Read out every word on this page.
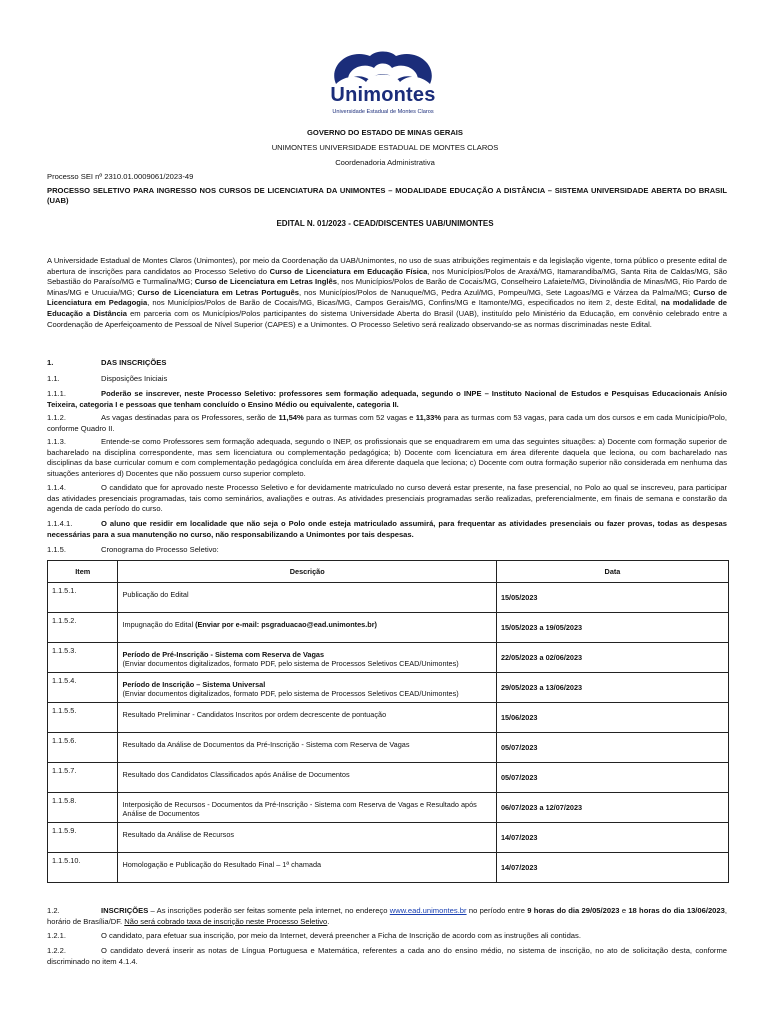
Unimontes
Universidade Estadual de Montes Claros
GOVERNO DO ESTADO DE MINAS GERAIS
UNIMONTES UNIVERSIDADE ESTADUAL DE MONTES CLAROS
Coordenadoria Administrativa
Processo SEI nº 2310.01.0009061/2023-49
PROCESSO SELETIVO PARA INGRESSO NOS CURSOS DE LICENCIATURA DA UNIMONTES – MODALIDADE EDUCAÇÃO A DISTÂNCIA – SISTEMA UNIVERSIDADE ABERTA DO BRASIL (UAB)
EDITAL N. 01/2023 - CEAD/DISCENTES UAB/UNIMONTES
A Universidade Estadual de Montes Claros (Unimontes), por meio da Coordenação da UAB/Unimontes, no uso de suas atribuições regimentais e da legislação vigente, torna público o presente edital de abertura de inscrições para candidatos ao Processo Seletivo do Curso de Licenciatura em Educação Física, nos Municípios/Polos de Araxá/MG, Itamarandiba/MG, Santa Rita de Caldas/MG, São Sebastião do Paraíso/MG e Turmalina/MG; Curso de Licenciatura em Letras Inglês, nos Municípios/Polos de Barão de Cocais/MG, Conselheiro Lafaiete/MG, Divinolândia de Minas/MG, Rio Pardo de Minas/MG e Urucuia/MG; Curso de Licenciatura em Letras Português, nos Municípios/Polos de Nanuque/MG, Pedra Azul/MG, Pompeu/MG, Sete Lagoas/MG e Várzea da Palma/MG; Curso de Licenciatura em Pedagogia, nos Municípios/Polos de Barão de Cocais/MG, Bicas/MG, Campos Gerais/MG, Confins/MG e Itamonte/MG, especificados no item 2, deste Edital, na modalidade de Educação a Distância em parceria com os Municípios/Polos participantes do sistema Universidade Aberta do Brasil (UAB), instituído pelo Ministério da Educação, em convênio celebrado entre a Coordenação de Aperfeiçoamento de Pessoal de Nível Superior (CAPES) e a Unimontes. O Processo Seletivo será realizado observando-se as normas discriminadas neste Edital.
1.	DAS INSCRIÇÕES
1.1.	Disposições Iniciais
1.1.1.	Poderão se inscrever, neste Processo Seletivo: professores sem formação adequada, segundo o INPE – Instituto Nacional de Estudos e Pesquisas Educacionais Anísio Teixeira, categoria I e pessoas que tenham concluído o Ensino Médio ou equivalente, categoria II.
1.1.2.	As vagas destinadas para os Professores, serão de 11,54% para as turmas com 52 vagas e 11,33% para as turmas com 53 vagas, para cada um dos cursos e em cada Município/Polo, conforme Quadro II.
1.1.3.	Entende-se como Professores sem formação adequada, segundo o INEP, os profissionais que se enquadrarem em uma das seguintes situações: a) Docente com formação superior de bacharelado na disciplina correspondente, mas sem licenciatura ou complementação pedagógica; b) Docente com licenciatura em área diferente daquela que leciona, ou com bacharelado nas disciplinas da base curricular comum e com complementação pedagógica concluída em área diferente daquela que leciona; c) Docente com outra formação superior não considerada em nenhuma das situações anteriores d) Docentes que não possuem curso superior completo.
1.1.4.	O candidato que for aprovado neste Processo Seletivo e for devidamente matriculado no curso deverá estar presente, na fase presencial, no Polo ao qual se inscreveu, para participar das atividades presenciais programadas, tais como seminários, avaliações e outras. As atividades presenciais programadas serão realizadas, preferencialmente, em finais de semana e constarão da agenda de cada período do curso.
1.1.4.1.	O aluno que residir em localidade que não seja o Polo onde esteja matriculado assumirá, para frequentar as atividades presenciais ou fazer provas, todas as despesas necessárias para a sua manutenção no curso, não responsabilizando a Unimontes por tais despesas.
1.1.5.	Cronograma do Processo Seletivo:
Item	Descrição	Data
1.1.5.1.	Publicação do Edital	15/05/2023
1.1.5.2.	Impugnação do Edital (Enviar por e-mail: psgraduacao@ead.unimontes.br)	15/05/2023 a 19/05/2023
1.1.5.3.	Período de Pré-Inscrição - Sistema com Reserva de Vagas
(Enviar documentos digitalizados, formato PDF, pelo sistema de Processos Seletivos CEAD/Unimontes)	22/05/2023 a 02/06/2023
1.1.5.4.	Período de Inscrição – Sistema Universal
(Enviar documentos digitalizados, formato PDF, pelo sistema de Processos Seletivos CEAD/Unimontes)	29/05/2023 a 13/06/2023
1.1.5.5.	Resultado Preliminar - Candidatos Inscritos por ordem decrescente de pontuação	15/06/2023
1.1.5.6.	Resultado da Análise de Documentos da Pré-Inscrição - Sistema com Reserva de Vagas	05/07/2023
1.1.5.7.	Resultado dos Candidatos Classificados após Análise de Documentos	05/07/2023
1.1.5.8.	Interposição de Recursos - Documentos da Pré-Inscrição - Sistema com Reserva de Vagas e Resultado após Análise de Documentos	06/07/2023 a 12/07/2023
1.1.5.9.	Resultado da Análise de Recursos	14/07/2023
1.1.5.10.	Homologação e Publicação do Resultado Final – 1ª chamada	14/07/2023
1.2.	INSCRIÇÕES – As inscrições poderão ser feitas somente pela internet, no endereço www.ead.unimontes.br no período entre 9 horas do dia 29/05/2023 e 18 horas do dia 13/06/2023, horário de Brasília/DF. Não será cobrado taxa de inscrição neste Processo Seletivo.
1.2.1.	O candidato, para efetuar sua inscrição, por meio da Internet, deverá preencher a Ficha de Inscrição de acordo com as instruções ali contidas.
1.2.2.	O candidato deverá inserir as notas de Língua Portuguesa e Matemática, referentes a cada ano do ensino médio, no sistema de inscrição, no ato de solicitação desta, conforme discriminado no item 4.1.4.
